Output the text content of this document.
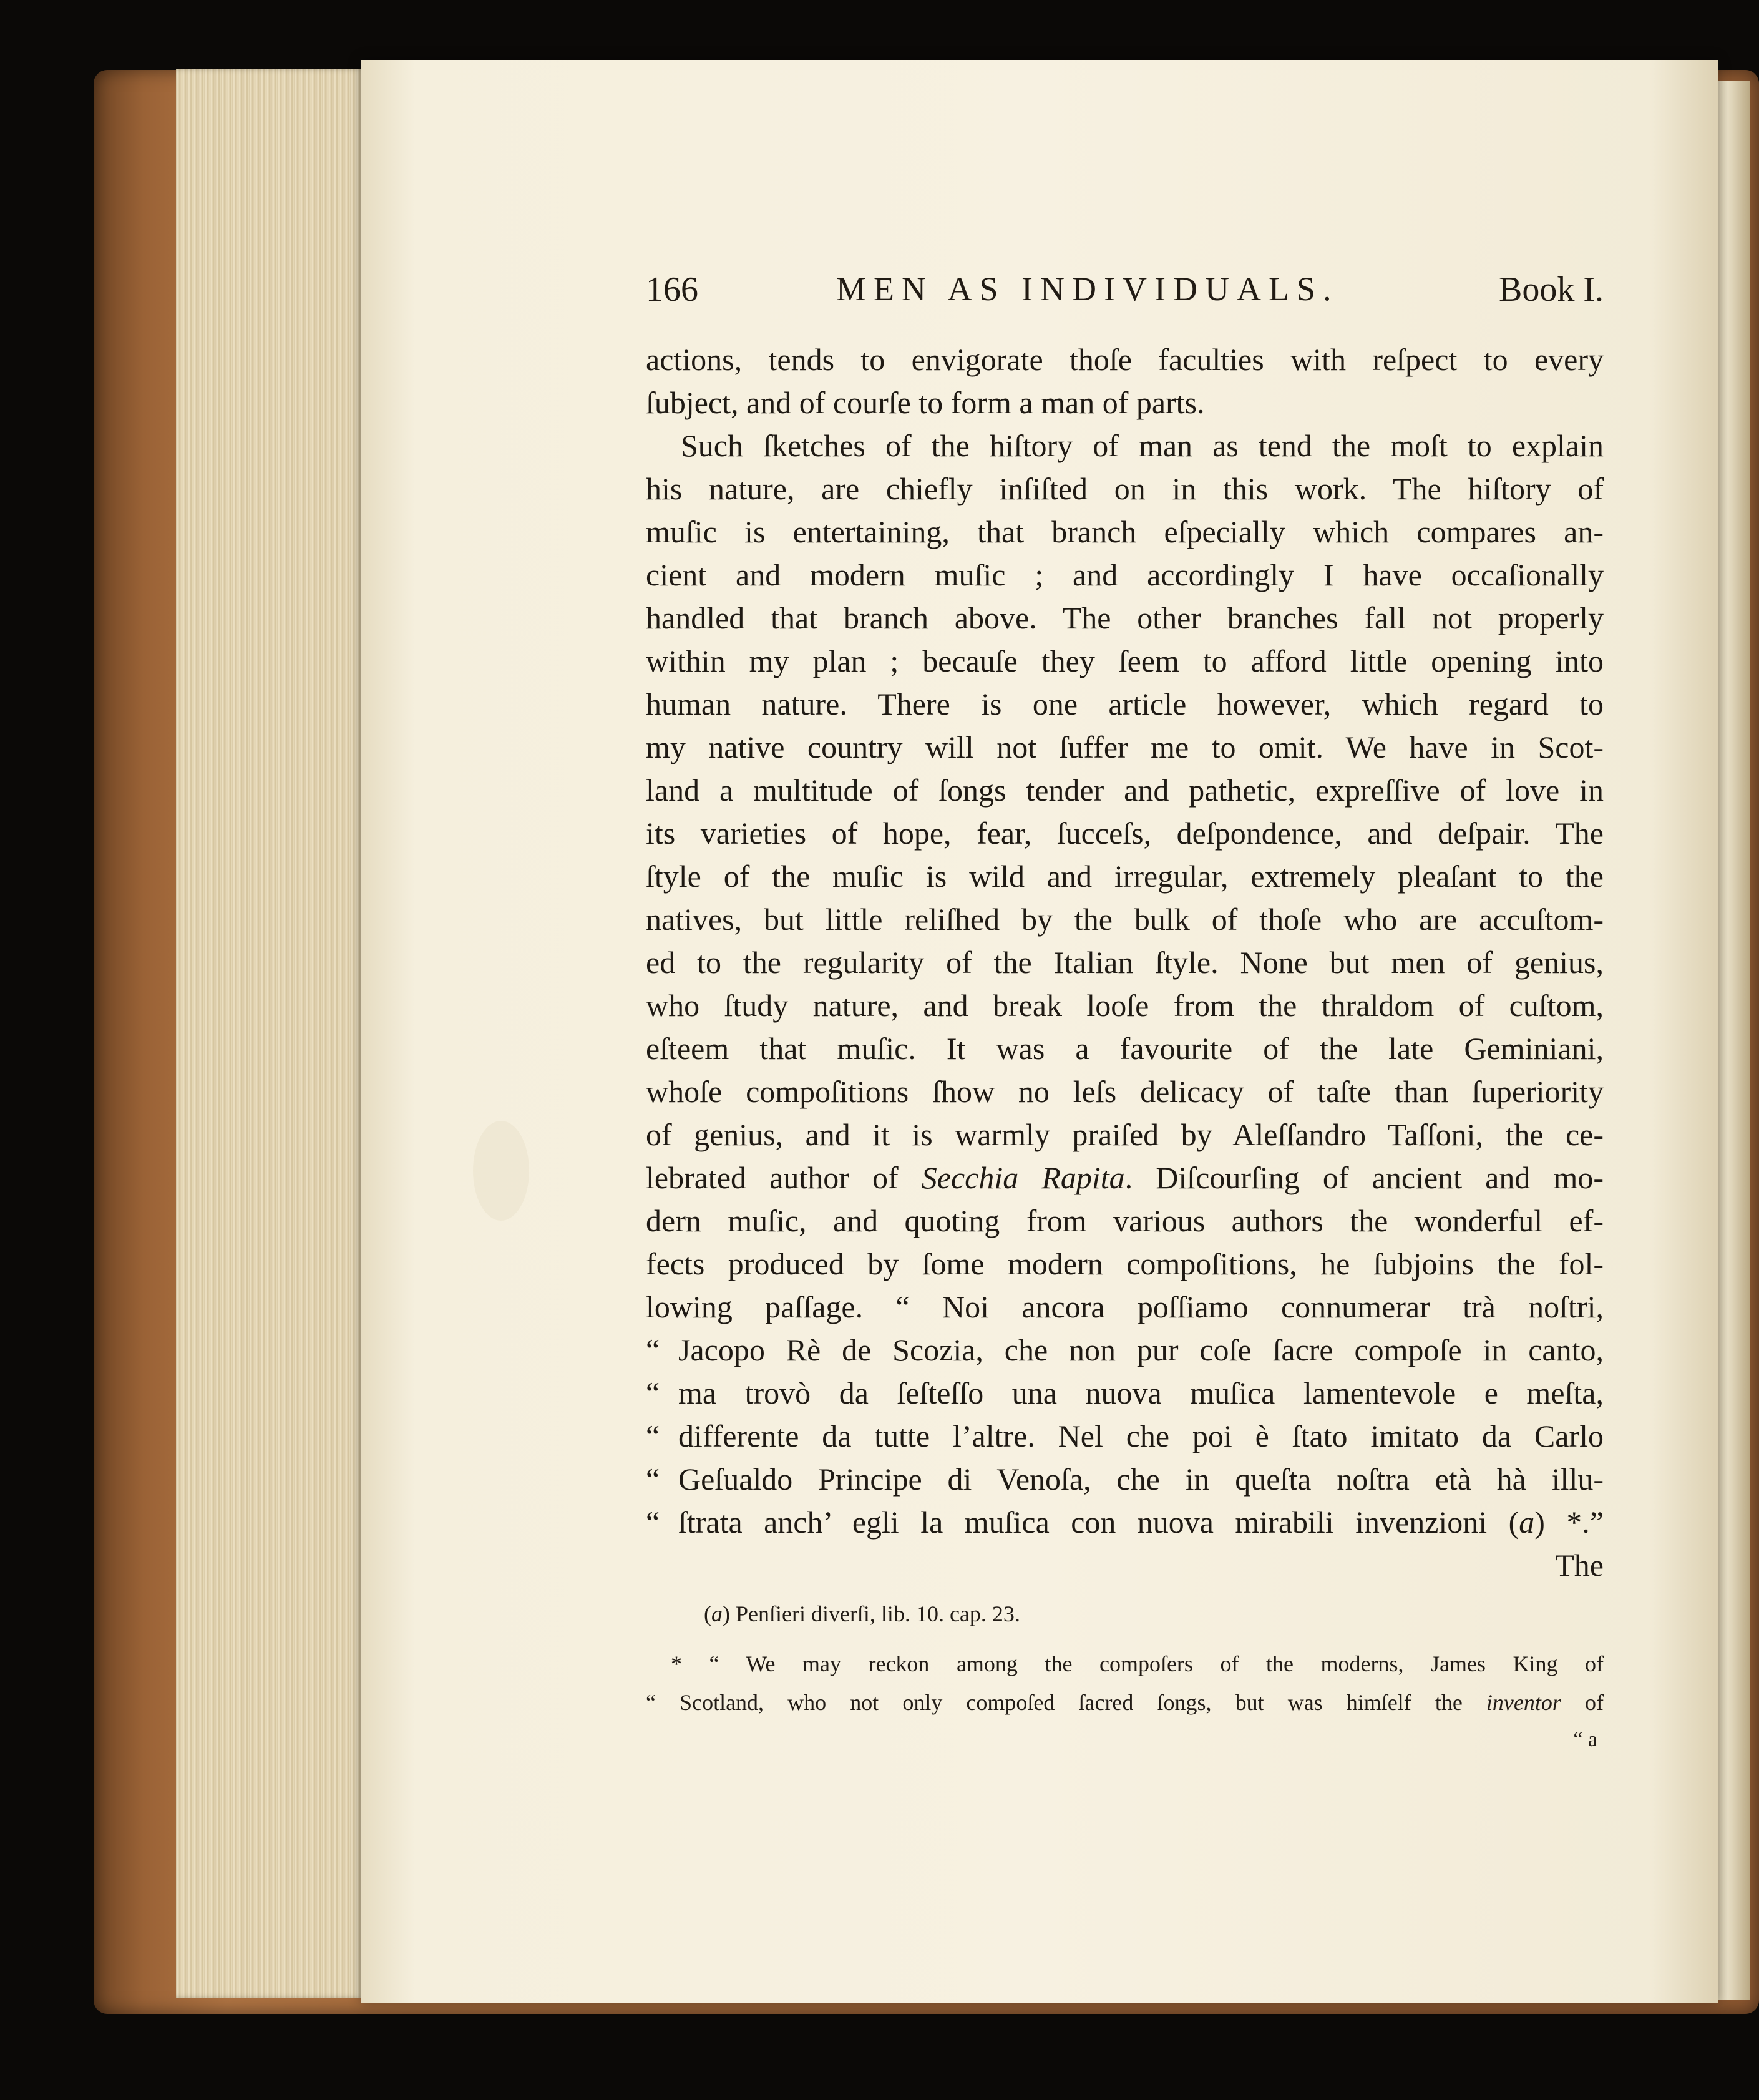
166	MEN AS INDIVIDUALS.	Book I.
actions, tends to envigorate thoſe faculties with reſpect to every
ſubject, and of courſe to form a man of parts.
Such ſketches of the hiſtory of man as tend the moſt to explain
his nature, are chiefly inſiſted on in this work. The hiſtory of
muſic is entertaining, that branch eſpecially which compares an-
cient and modern muſic ; and accordingly I have occaſionally
handled that branch above. The other branches fall not properly
within my plan ; becauſe they ſeem to afford little opening into
human nature. There is one article however, which regard to
my native country will not ſuffer me to omit. We have in Scot-
land a multitude of ſongs tender and pathetic, expreſſive of love in
its varieties of hope, fear, ſucceſs, deſpondence, and deſpair. The
ſtyle of the muſic is wild and irregular, extremely pleaſant to the
natives, but little reliſhed by the bulk of thoſe who are accuſtom-
ed to the regularity of the Italian ſtyle. None but men of genius,
who ſtudy nature, and break looſe from the thraldom of cuſtom,
eſteem that muſic. It was a favourite of the late Geminiani,
whoſe compoſitions ſhow no leſs delicacy of taſte than ſuperiority
of genius, and it is warmly praiſed by Aleſſandro Taſſoni, the ce-
lebrated author of Secchia Rapita. Diſcourſing of ancient and mo-
dern muſic, and quoting from various authors the wonderful ef-
fects produced by ſome modern compoſitions, he ſubjoins the fol-
lowing paſſage. “ Noi ancora poſſiamo connumerar trà noſtri,
“ Jacopo Rè de Scozia, che non pur coſe ſacre compoſe in canto,
“ ma trovò da ſeſteſſo una nuova muſica lamentevole e meſta,
“ differente da tutte l’altre. Nel che poi è ſtato imitato da Carlo
“ Geſualdo Principe di Venoſa, che in queſta noſtra età hà illu-
“ ſtrata anch’ egli la muſica con nuova mirabili invenzioni (a) *.”
The
(a) Penſieri diverſi, lib. 10. cap. 23.
* “ We may reckon among the compoſers of the moderns, James King of
“ Scotland, who not only compoſed ſacred ſongs, but was himſelf the inventor of
“ a
